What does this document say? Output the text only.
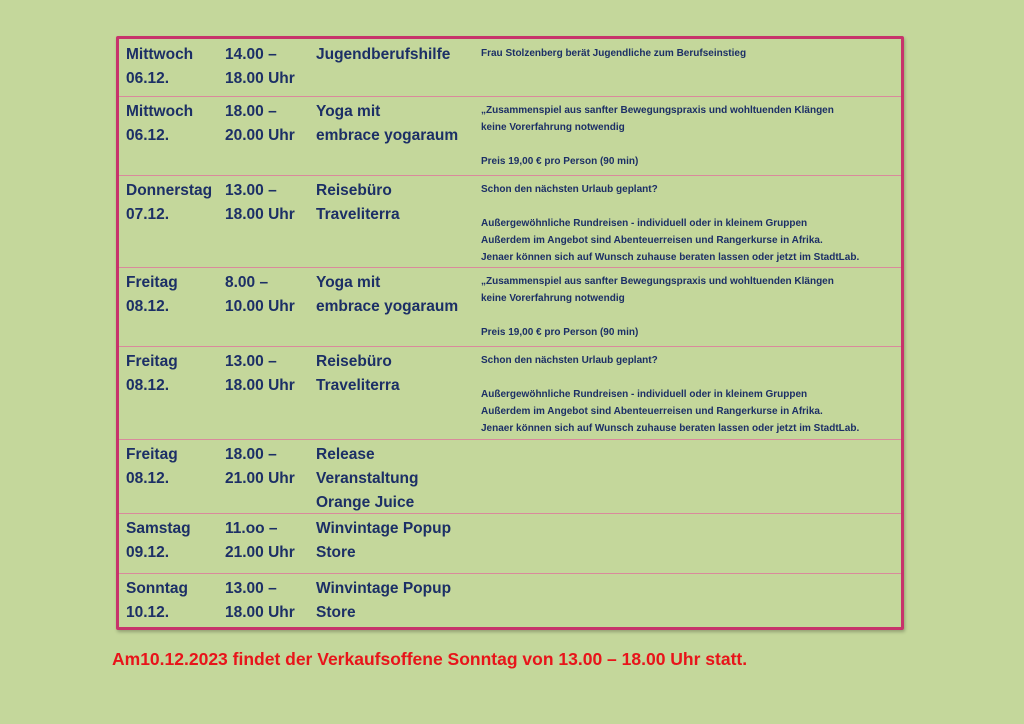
Mittwoch
06.12.
14.00 –
18.00 Uhr
Jugendberufshilfe	Frau Stolzenberg berät Jugendliche zum Berufseinstieg
Mittwoch
06.12.
18.00 –
20.00 Uhr
Yoga mit
embrace yogaraum
„Zusammenspiel aus sanfter Bewegungspraxis und wohltuenden Klängen
keine Vorerfahrung notwendig
Preis 19,00 € pro Person (90 min)
Donnerstag
07.12.
13.00 –
18.00 Uhr
Reisebüro
Traveliterra
Schon den nächsten Urlaub geplant?
Außergewöhnliche Rundreisen - individuell oder in kleinem Gruppen
Außerdem im Angebot sind Abenteuerreisen und Rangerkurse in Afrika.
Jenaer können sich auf Wunsch zuhause beraten lassen oder jetzt im StadtLab.
Freitag
08.12.
8.00 –
10.00 Uhr
Yoga mit
embrace yogaraum
„Zusammenspiel aus sanfter Bewegungspraxis und wohltuenden Klängen
keine Vorerfahrung notwendig
Preis 19,00 € pro Person (90 min)
Freitag
08.12.
13.00 –
18.00 Uhr
Reisebüro
Traveliterra
Schon den nächsten Urlaub geplant?
Außergewöhnliche Rundreisen - individuell oder in kleinem Gruppen
Außerdem im Angebot sind Abenteuerreisen und Rangerkurse in Afrika.
Jenaer können sich auf Wunsch zuhause beraten lassen oder jetzt im StadtLab.
Freitag
08.12.
18.00 –
21.00 Uhr
Release
Veranstaltung
Orange Juice
Samstag
09.12.
11.oo –
21.00 Uhr
Winvintage Popup
Store
Sonntag
10.12.
13.00 –
18.00 Uhr
Winvintage Popup
Store
Am10.12.2023 findet der Verkaufsoffene Sonntag von 13.00 – 18.00 Uhr statt.
